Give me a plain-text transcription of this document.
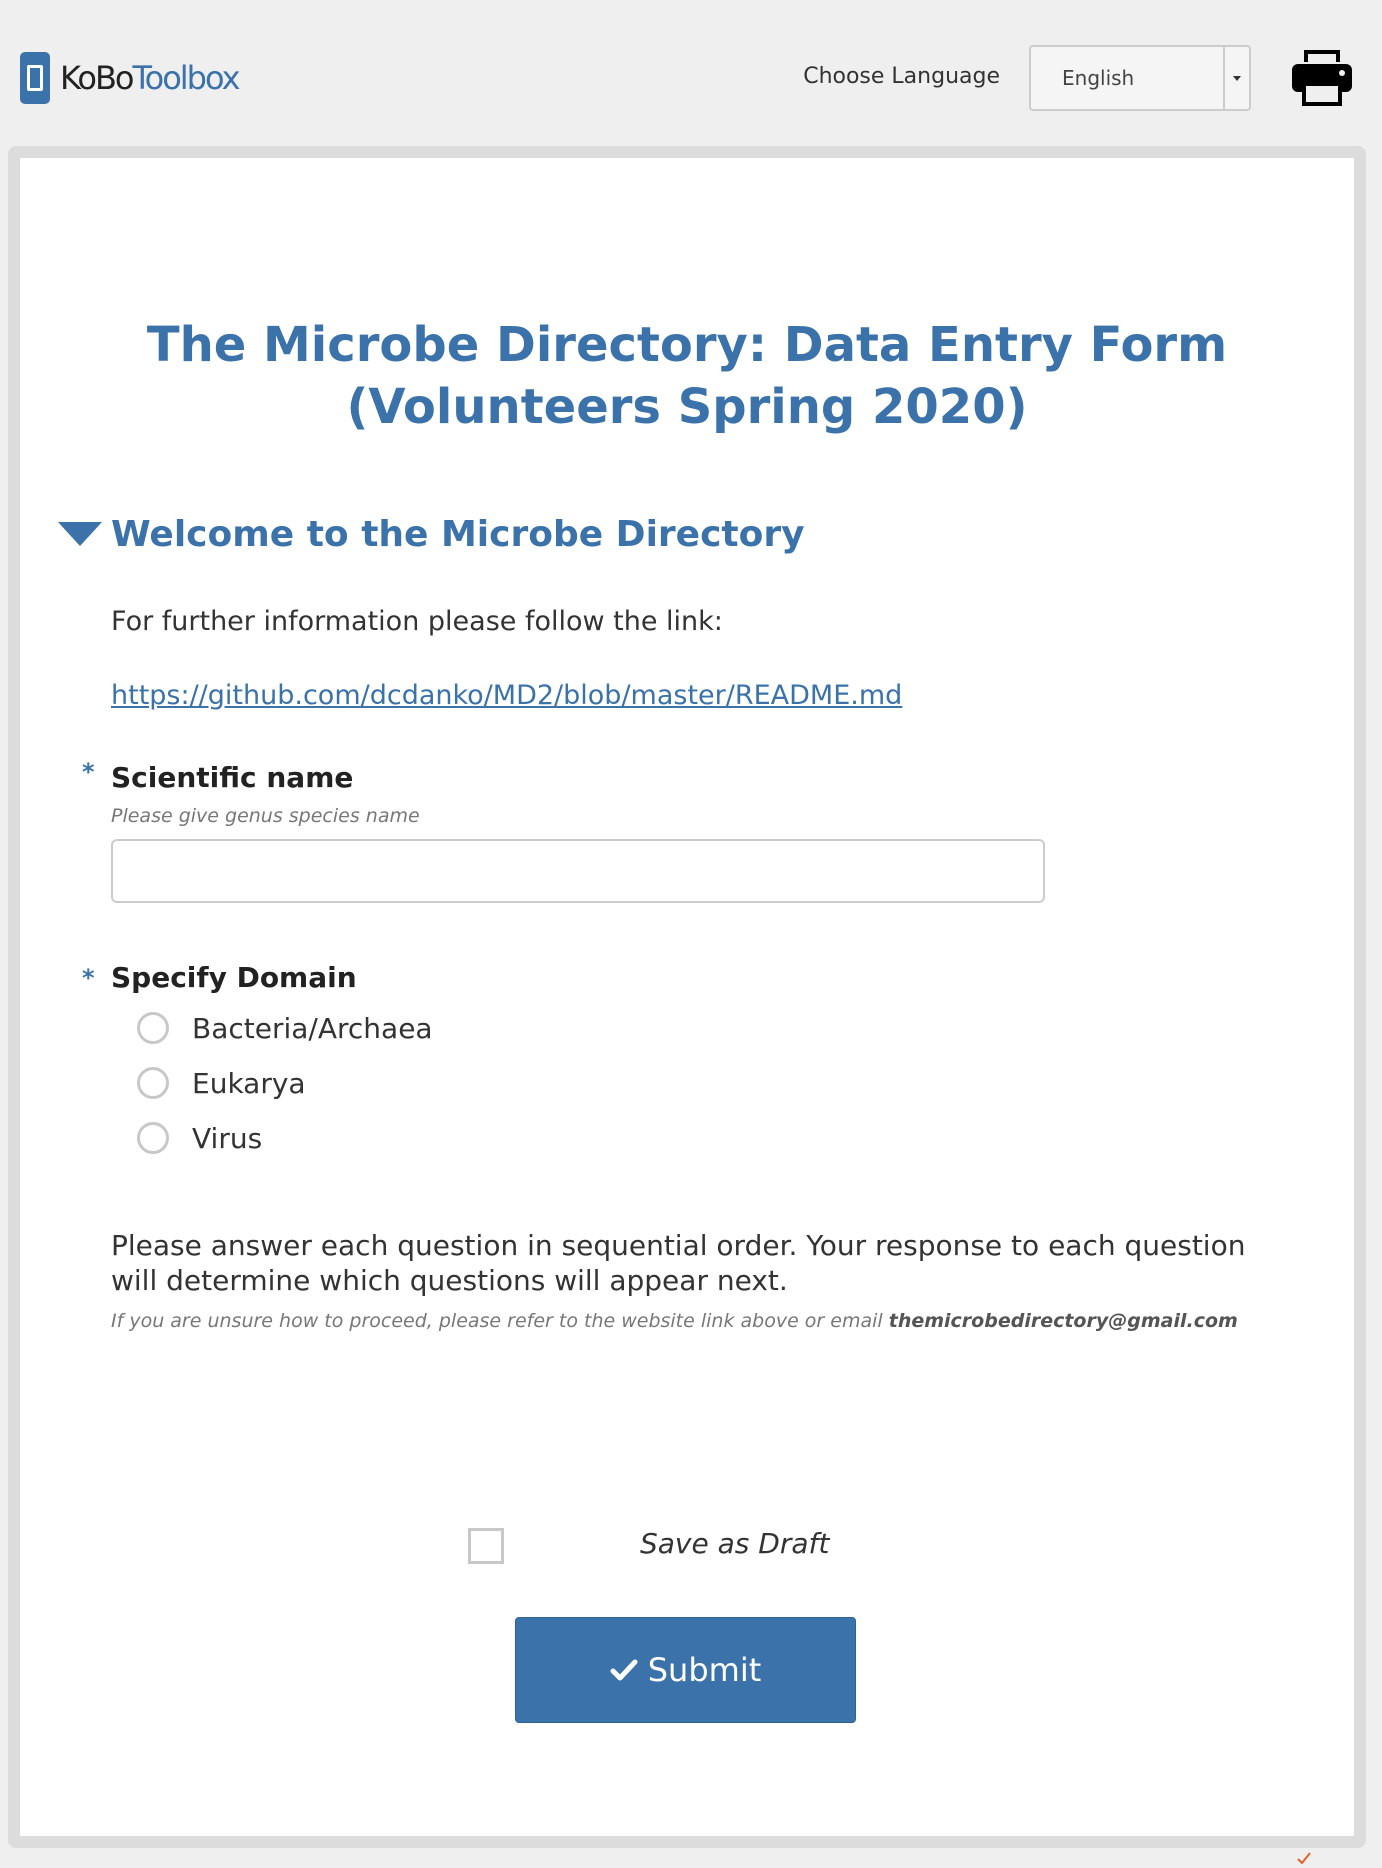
KoBoToolbox	Choose Language	English
The Microbe Directory: Data Entry Form
(Volunteers Spring 2020)
Welcome to the Microbe Directory
For further information please follow the link:
https://github.com/dcdanko/MD2/blob/master/README.md
* Scientific name
Please give genus species name
* Specify Domain
Bacteria/Archaea
Eukarya
Virus
Please answer each question in sequential order. Your response to each question will determine which questions will appear next.
If you are unsure how to proceed, please refer to the website link above or email themicrobedirectory@gmail.com
Save as Draft
Submit
